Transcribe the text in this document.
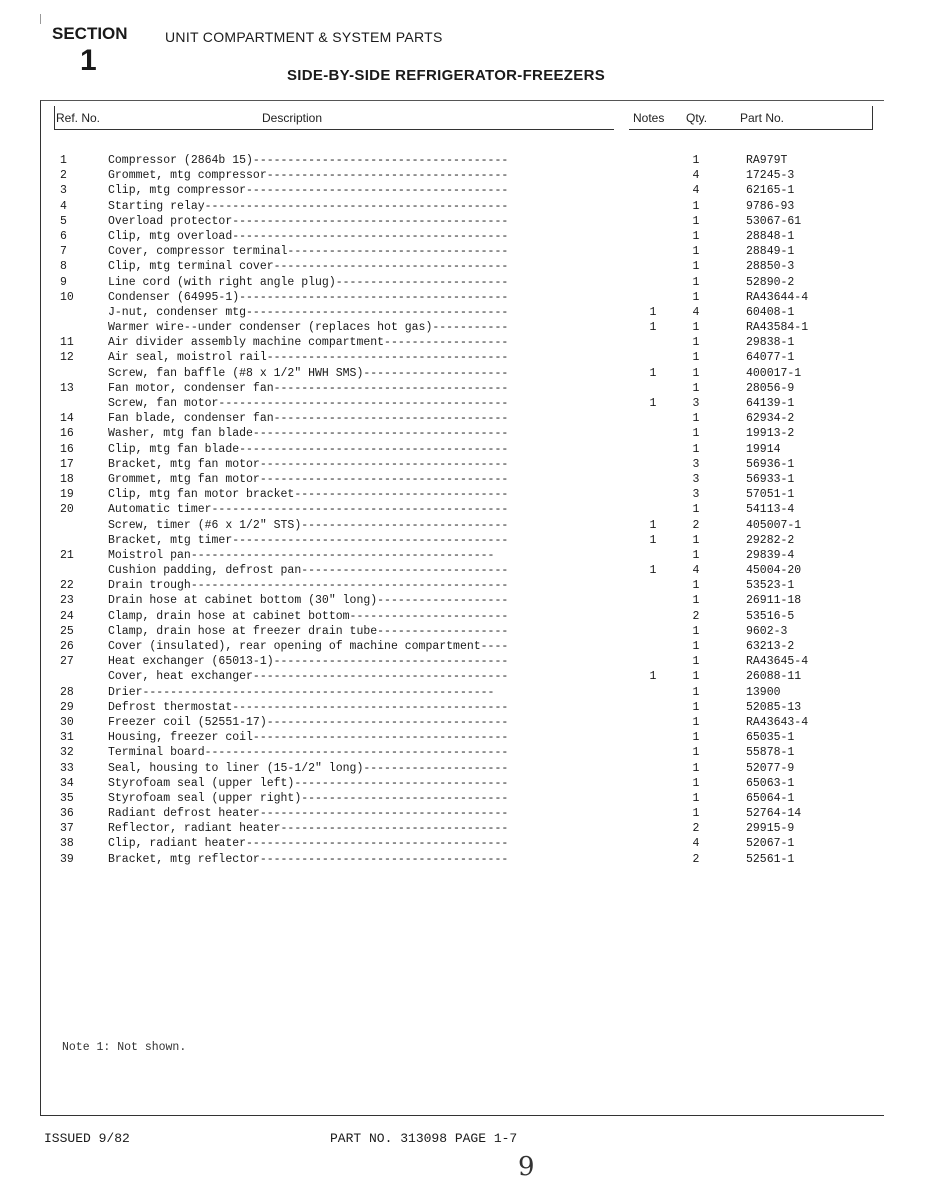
SECTION
1
UNIT COMPARTMENT & SYSTEM PARTS
SIDE-BY-SIDE REFRIGERATOR-FREEZERS
Ref. No.	Description	Notes Qty.	Part No.
1	Compressor (2864b 15)-------------------------------------	1	RA979T
2	Grommet, mtg compressor-----------------------------------	4	17245-3
3	Clip, mtg compressor--------------------------------------	4	62165-1
4	Starting relay--------------------------------------------	1	9786-93
5	Overload protector----------------------------------------	1	53067-61
6	Clip, mtg overload----------------------------------------	1	28848-1
7	Cover, compressor terminal--------------------------------	1	28849-1
8	Clip, mtg terminal cover----------------------------------	1	28850-3
9	Line cord (with right angle plug)-------------------------	1	52890-2
10	Condenser (64995-1)---------------------------------------	1	RA43644-4
J-nut, condenser mtg--------------------------------------	1	4	60408-1
Warmer wire--under condenser (replaces hot gas)-----------	1	1	RA43584-1
11	Air divider assembly machine compartment------------------	1	29838-1
12	Air seal, moistrol rail-----------------------------------	1	64077-1
Screw, fan baffle (#8 x 1/2" HWH SMS)---------------------	1	1	400017-1
13	Fan motor, condenser fan----------------------------------	1	28056-9
Screw, fan motor------------------------------------------	1	3	64139-1
14	Fan blade, condenser fan----------------------------------	1	62934-2
16	Washer, mtg fan blade-------------------------------------	1	19913-2
16	Clip, mtg fan blade---------------------------------------	1	19914
17	Bracket, mtg fan motor------------------------------------	3	56936-1
18	Grommet, mtg fan motor------------------------------------	3	56933-1
19	Clip, mtg fan motor bracket-------------------------------	3	57051-1
20	Automatic timer-------------------------------------------	1	54113-4
Screw, timer (#6 x 1/2" STS)------------------------------	1	2	405007-1
Bracket, mtg timer----------------------------------------	1	1	29282-2
21	Moistrol pan--------------------------------------------	1	29839-4
Cushion padding, defrost pan------------------------------	1	4	45004-20
22	Drain trough----------------------------------------------	1	53523-1
23	Drain hose at cabinet bottom (30" long)-------------------	1	26911-18
24	Clamp, drain hose at cabinet bottom-----------------------	2	53516-5
25	Clamp, drain hose at freezer drain tube-------------------	1	9602-3
26	Cover (insulated), rear opening of machine compartment----	1	63213-2
27	Heat exchanger (65013-1)----------------------------------	1	RA43645-4
Cover, heat exchanger-------------------------------------	1	1	26088-11
28	Drier---------------------------------------------------	1	13900
29	Defrost thermostat----------------------------------------	1	52085-13
30	Freezer coil (52551-17)-----------------------------------	1	RA43643-4
31	Housing, freezer coil-------------------------------------	1	65035-1
32	Terminal board--------------------------------------------	1	55878-1
33	Seal, housing to liner (15-1/2" long)---------------------	1	52077-9
34	Styrofoam seal (upper left)-------------------------------	1	65063-1
35	Styrofoam seal (upper right)------------------------------	1	65064-1
36	Radiant defrost heater------------------------------------	1	52764-14
37	Reflector, radiant heater---------------------------------	2	29915-9
38	Clip, radiant heater--------------------------------------	4	52067-1
39	Bracket, mtg reflector------------------------------------	2	52561-1
Note 1: Not shown.
ISSUED 9/82	PART NO. 313098 PAGE 1-7
9
